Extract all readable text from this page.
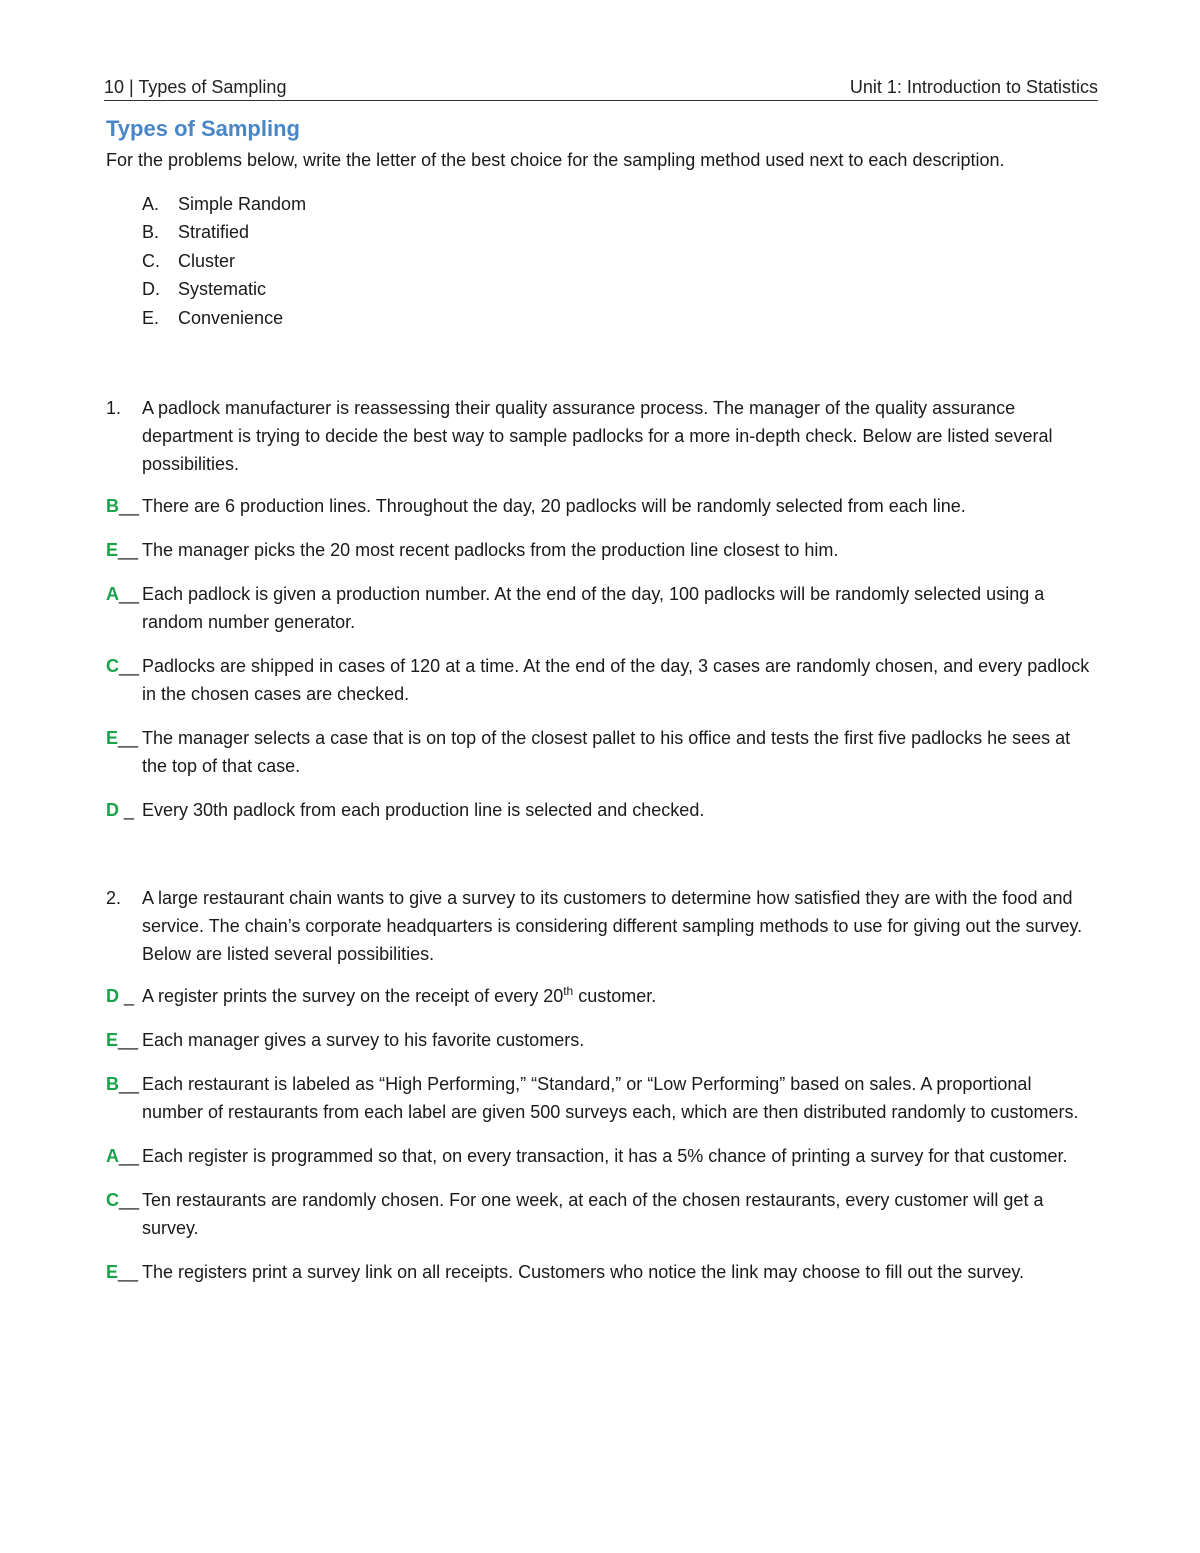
10 | Types of Sampling	Unit 1: Introduction to Statistics
Types of Sampling

For the problems below, write the letter of the best choice for the sampling method used next to each description.

A.	Simple Random
B.	Stratified
C.	Cluster
D.	Systematic
E.	Convenience
1.	A padlock manufacturer is reassessing their quality assurance process. The manager of the quality assurance department is trying to decide the best way to sample padlocks for a more in-depth check. Below are listed several possibilities.
B__ There are 6 production lines. Throughout the day, 20 padlocks will be randomly selected from each line.
E__ The manager picks the 20 most recent padlocks from the production line closest to him.
A__ Each padlock is given a production number. At the end of the day, 100 padlocks will be randomly selected using a random number generator.
C__ Padlocks are shipped in cases of 120 at a time. At the end of the day, 3 cases are randomly chosen, and every padlock in the chosen cases are checked.
E__ The manager selects a case that is on top of the closest pallet to his office and tests the first five padlocks he sees at the top of that case.
D _ Every 30th padlock from each production line is selected and checked.
2.	A large restaurant chain wants to give a survey to its customers to determine how satisfied they are with the food and service. The chain’s corporate headquarters is considering different sampling methods to use for giving out the survey. Below are listed several possibilities.
D _ A register prints the survey on the receipt of every 20th customer.
E__ Each manager gives a survey to his favorite customers.
B__ Each restaurant is labeled as “High Performing,” “Standard,” or “Low Performing” based on sales. A proportional number of restaurants from each label are given 500 surveys each, which are then distributed randomly to customers.
A__ Each register is programmed so that, on every transaction, it has a 5% chance of printing a survey for that customer.
C__ Ten restaurants are randomly chosen. For one week, at each of the chosen restaurants, every customer will get a survey.
E__ The registers print a survey link on all receipts. Customers who notice the link may choose to fill out the survey.
